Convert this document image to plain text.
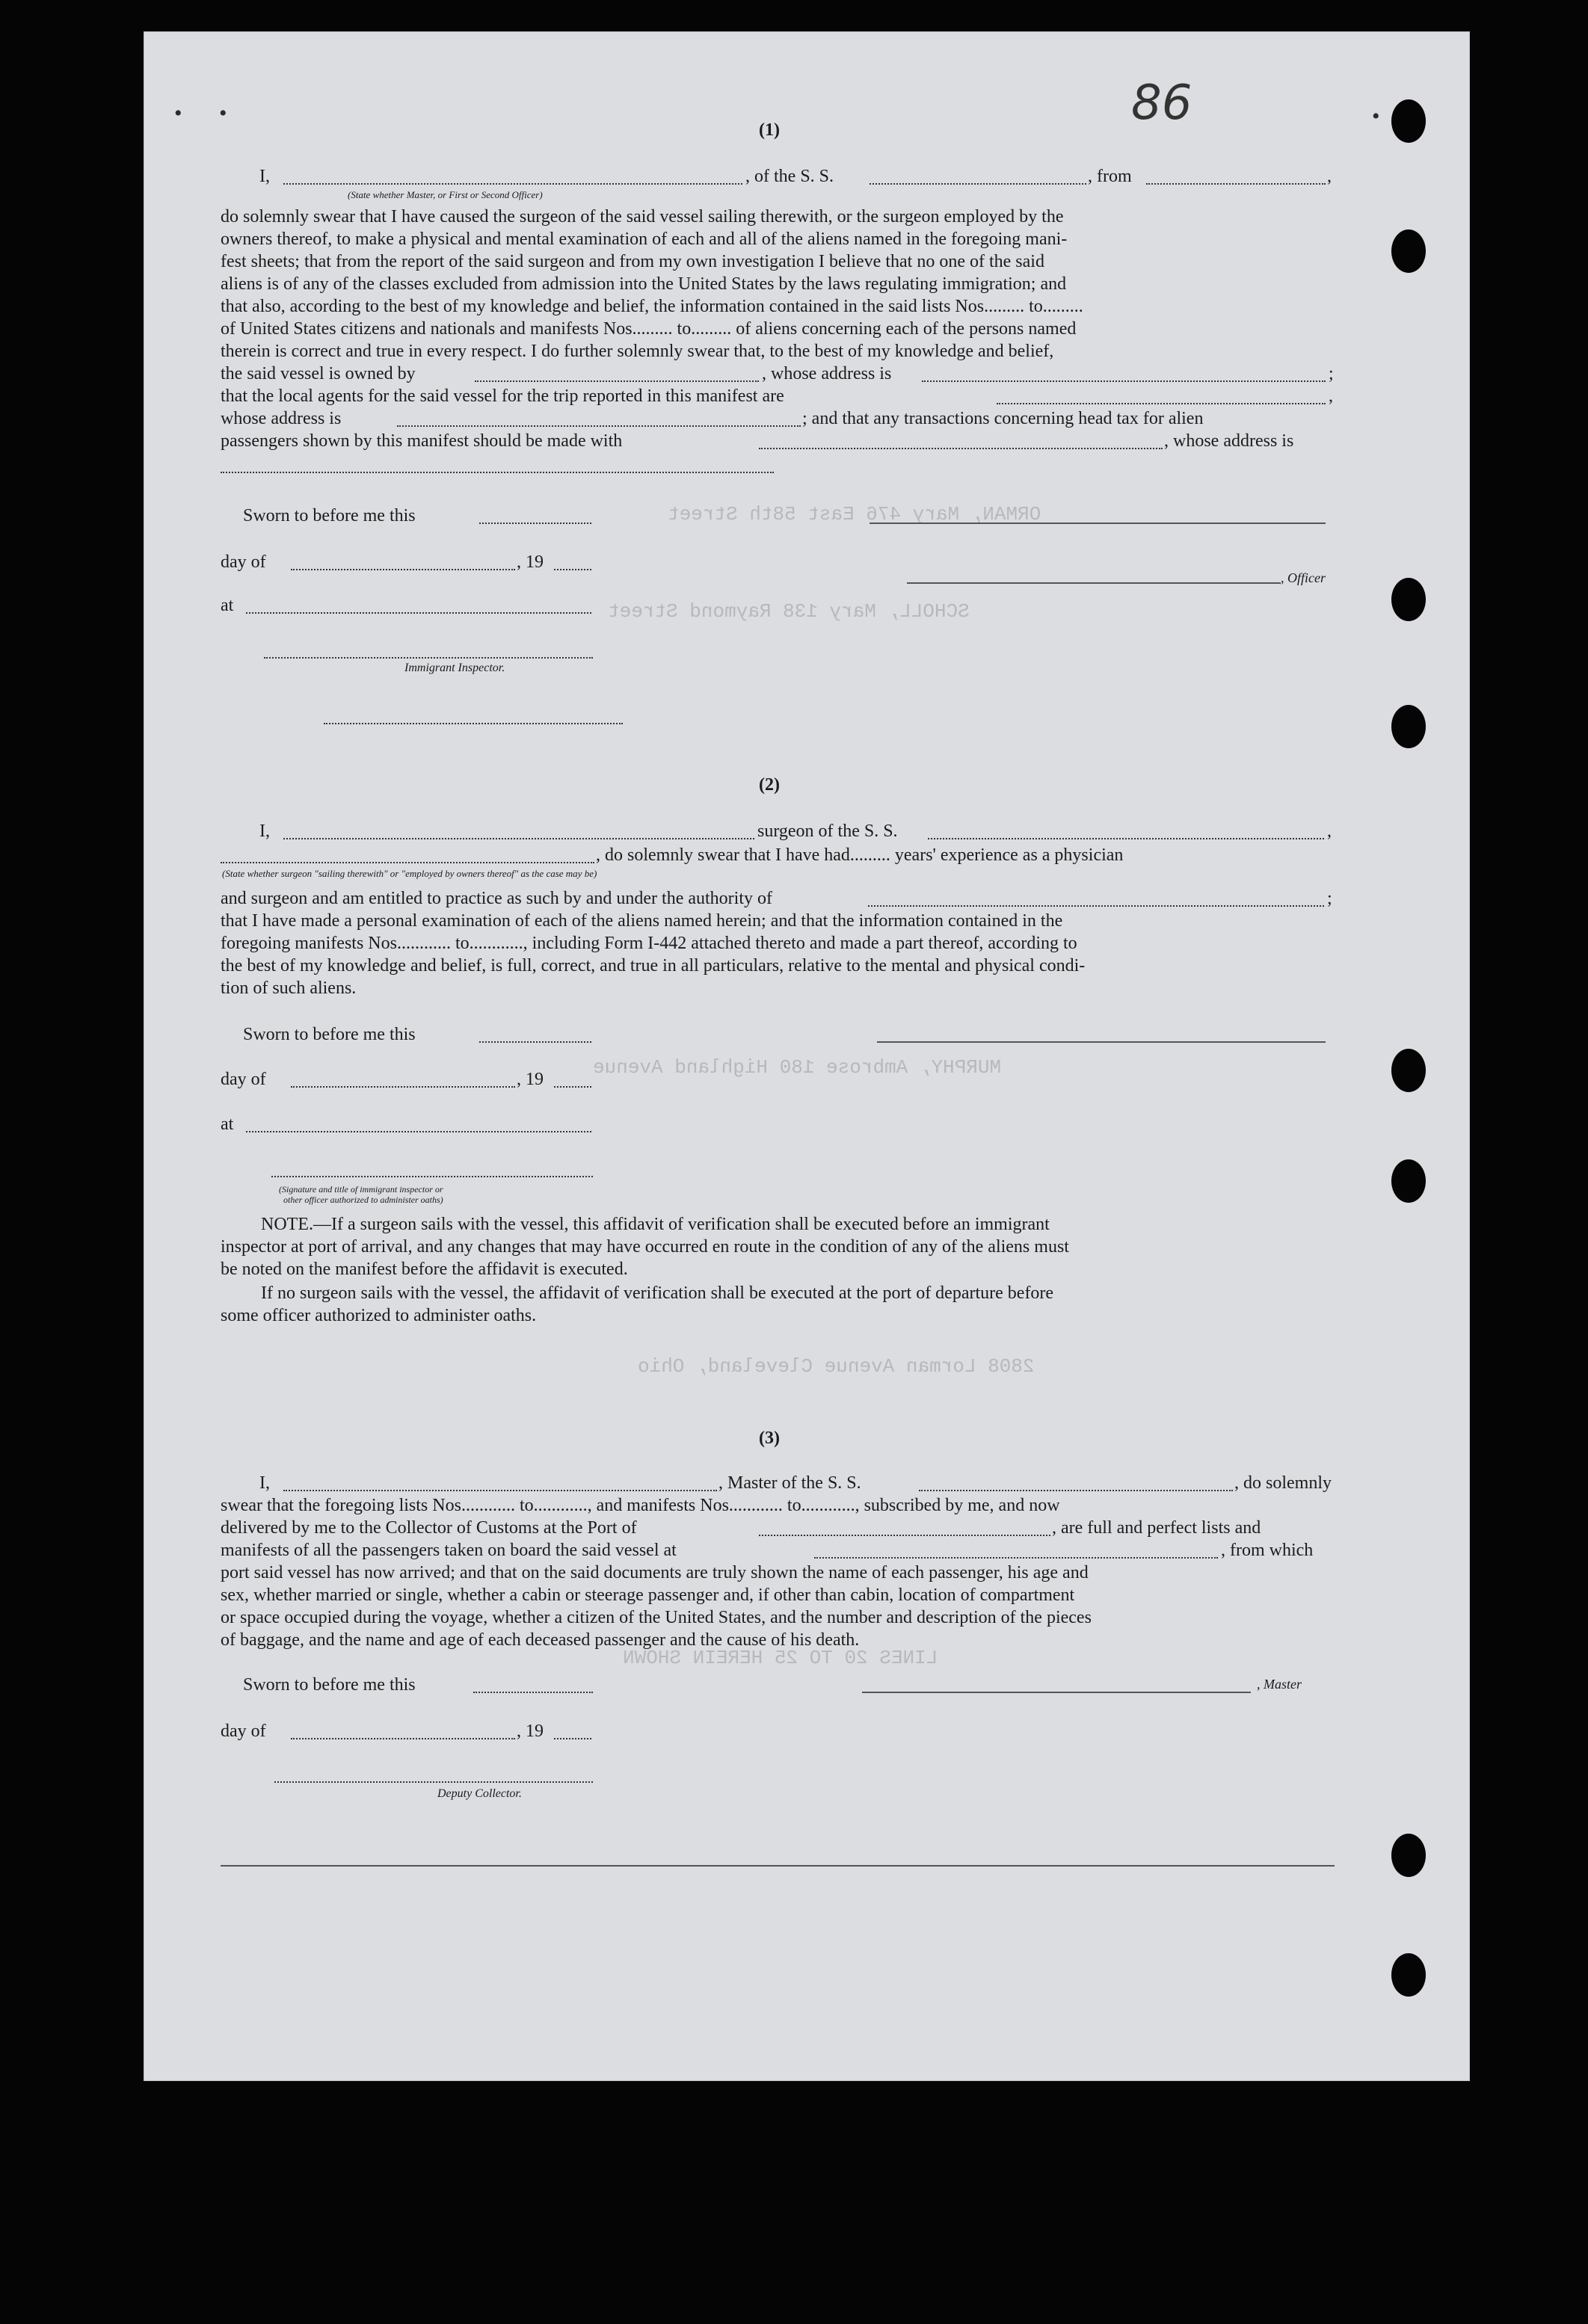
ORMAN, Mary 476 East 58th Street
SCHOLL, Mary 138 Raymond Street
MURPHY, Ambrose 180 Highland Avenue
2808 Lorman Avenue Cleveland, Ohio
LINES 20 TO 25 HEREIN SHOWN
86
(1)
I,	, of the S. S.	, from	,
(State whether Master, or First or Second Officer)
do solemnly swear that I have caused the surgeon of the said vessel sailing therewith, or the surgeon employed by the
owners thereof, to make a physical and mental examination of each and all of the aliens named in the foregoing mani-
fest sheets; that from the report of the said surgeon and from my own investigation I believe that no one of the said
aliens is of any of the classes excluded from admission into the United States by the laws regulating immigration; and
that also, according to the best of my knowledge and belief, the information contained in the said lists Nos......... to.........
of United States citizens and nationals and manifests Nos......... to......... of aliens concerning each of the persons named
therein is correct and true in every respect. I do further solemnly swear that, to the best of my knowledge and belief,
the said vessel is owned by	, whose address is	;
that the local agents for the said vessel for the trip reported in this manifest are	,
whose address is	; and that any transactions concerning head tax for alien
passengers shown by this manifest should be made with	, whose address is
Sworn to before me this
day of	, 19
, Officer
at
Immigrant Inspector.
(2)
I,	surgeon of the S. S.	,
, do solemnly swear that I have had......... years' experience as a physician
(State whether surgeon "sailing therewith" or "employed by owners thereof" as the case may be)
and surgeon and am entitled to practice as such by and under the authority of	;
that I have made a personal examination of each of the aliens named herein; and that the information contained in the
foregoing manifests Nos............ to............, including Form I-442 attached thereto and made a part thereof, according to
the best of my knowledge and belief, is full, correct, and true in all particulars, relative to the mental and physical condi-
tion of such aliens.
Sworn to before me this
day of	, 19
at
(Signature and title of immigrant inspector or
other officer authorized to administer oaths)
NOTE.—If a surgeon sails with the vessel, this affidavit of verification shall be executed before an immigrant
inspector at port of arrival, and any changes that may have occurred en route in the condition of any of the aliens must
be noted on the manifest before the affidavit is executed.
If no surgeon sails with the vessel, the affidavit of verification shall be executed at the port of departure before
some officer authorized to administer oaths.
(3)
I,	, Master of the S. S.	, do solemnly
swear that the foregoing lists Nos............ to............, and manifests Nos............ to............, subscribed by me, and now
delivered by me to the Collector of Customs at the Port of	, are full and perfect lists and
manifests of all the passengers taken on board the said vessel at	, from which
port said vessel has now arrived; and that on the said documents are truly shown the name of each passenger, his age and
sex, whether married or single, whether a cabin or steerage passenger and, if other than cabin, location of compartment
or space occupied during the voyage, whether a citizen of the United States, and the number and description of the pieces
of baggage, and the name and age of each deceased passenger and the cause of his death.
Sworn to before me this	, Master
day of	, 19
Deputy Collector.
• •	•
